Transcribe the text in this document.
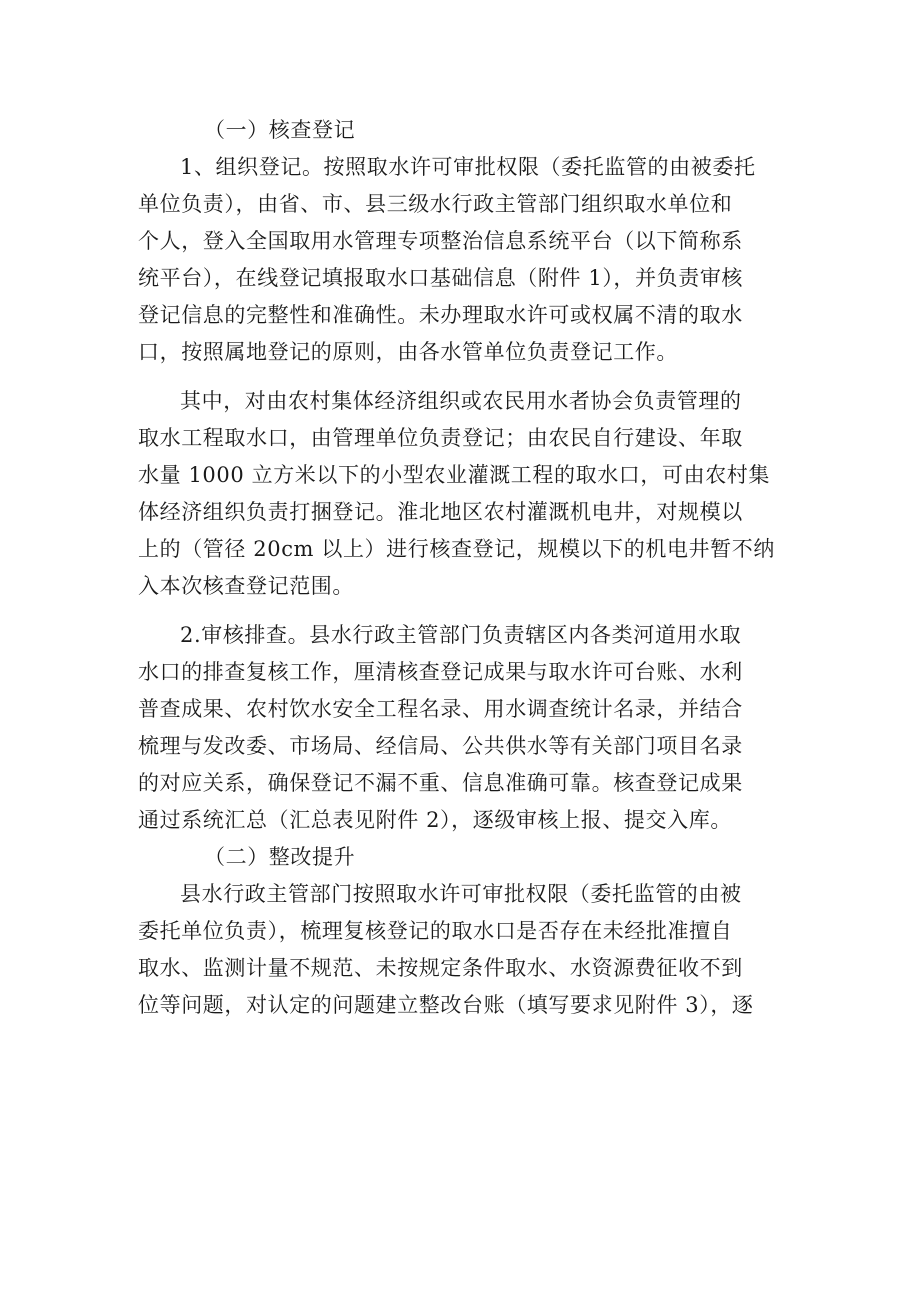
（一）核查登记
1、组织登记。按照取水许可审批权限（委托监管的由被委托
单位负责），由省、市、县三级水行政主管部门组织取水单位和
个人，登入全国取用水管理专项整治信息系统平台（以下简称系
统平台），在线登记填报取水口基础信息（附件 1），并负责审核
登记信息的完整性和准确性。未办理取水许可或权属不清的取水
口，按照属地登记的原则，由各水管单位负责登记工作。
其中，对由农村集体经济组织或农民用水者协会负责管理的
取水工程取水口，由管理单位负责登记；由农民自行建设、年取
水量 1000 立方米以下的小型农业灌溉工程的取水口，可由农村集
体经济组织负责打捆登记。淮北地区农村灌溉机电井，对规模以
上的（管径 20cm 以上）进行核查登记，规模以下的机电井暂不纳
入本次核查登记范围。
2.审核排查。县水行政主管部门负责辖区内各类河道用水取
水口的排查复核工作，厘清核查登记成果与取水许可台账、水利
普查成果、农村饮水安全工程名录、用水调查统计名录，并结合
梳理与发改委、市场局、经信局、公共供水等有关部门项目名录
的对应关系，确保登记不漏不重、信息准确可靠。核查登记成果
通过系统汇总（汇总表见附件 2），逐级审核上报、提交入库。
（二）整改提升
县水行政主管部门按照取水许可审批权限（委托监管的由被
委托单位负责），梳理复核登记的取水口是否存在未经批准擅自
取水、监测计量不规范、未按规定条件取水、水资源费征收不到
位等问题，对认定的问题建立整改台账（填写要求见附件 3），逐
